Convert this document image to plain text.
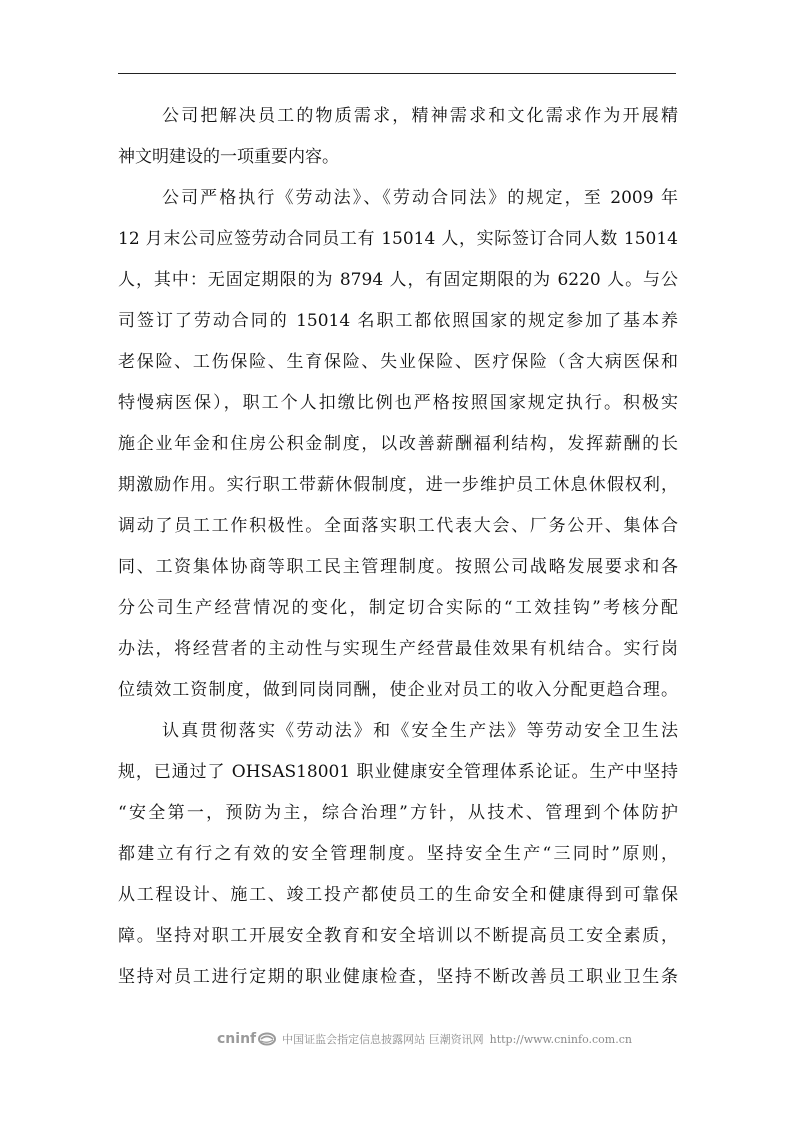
公司把解决员工的物质需求，精神需求和文化需求作为开展精
神文明建设的一项重要内容。
公司严格执行《劳动法》、《劳动合同法》的规定，至 2009 年
12 月末公司应签劳动合同员工有 15014 人，实际签订合同人数 15014
人，其中：无固定期限的为 8794 人，有固定期限的为 6220 人。与公
司签订了劳动合同的 15014 名职工都依照国家的规定参加了基本养
老保险、工伤保险、生育保险、失业保险、医疗保险（含大病医保和
特慢病医保），职工个人扣缴比例也严格按照国家规定执行。积极实
施企业年金和住房公积金制度，以改善薪酬福利结构，发挥薪酬的长
期激励作用。实行职工带薪休假制度，进一步维护员工休息休假权利，
调动了员工工作积极性。全面落实职工代表大会、厂务公开、集体合
同、工资集体协商等职工民主管理制度。按照公司战略发展要求和各
分公司生产经营情况的变化，制定切合实际的“工效挂钩”考核分配
办法，将经营者的主动性与实现生产经营最佳效果有机结合。实行岗
位绩效工资制度，做到同岗同酬，使企业对员工的收入分配更趋合理。
认真贯彻落实《劳动法》和《安全生产法》等劳动安全卫生法
规，已通过了 OHSAS18001 职业健康安全管理体系论证。生产中坚持
“安全第一，预防为主，综合治理”方针，从技术、管理到个体防护
都建立有行之有效的安全管理制度。坚持安全生产“三同时”原则，
从工程设计、施工、竣工投产都使员工的生命安全和健康得到可靠保
障。坚持对职工开展安全教育和安全培训以不断提高员工安全素质，
坚持对员工进行定期的职业健康检查，坚持不断改善员工职业卫生条
cninf 中国证监会指定信息披露网站 巨潮资讯网 http://www.cninfo.com.cn
